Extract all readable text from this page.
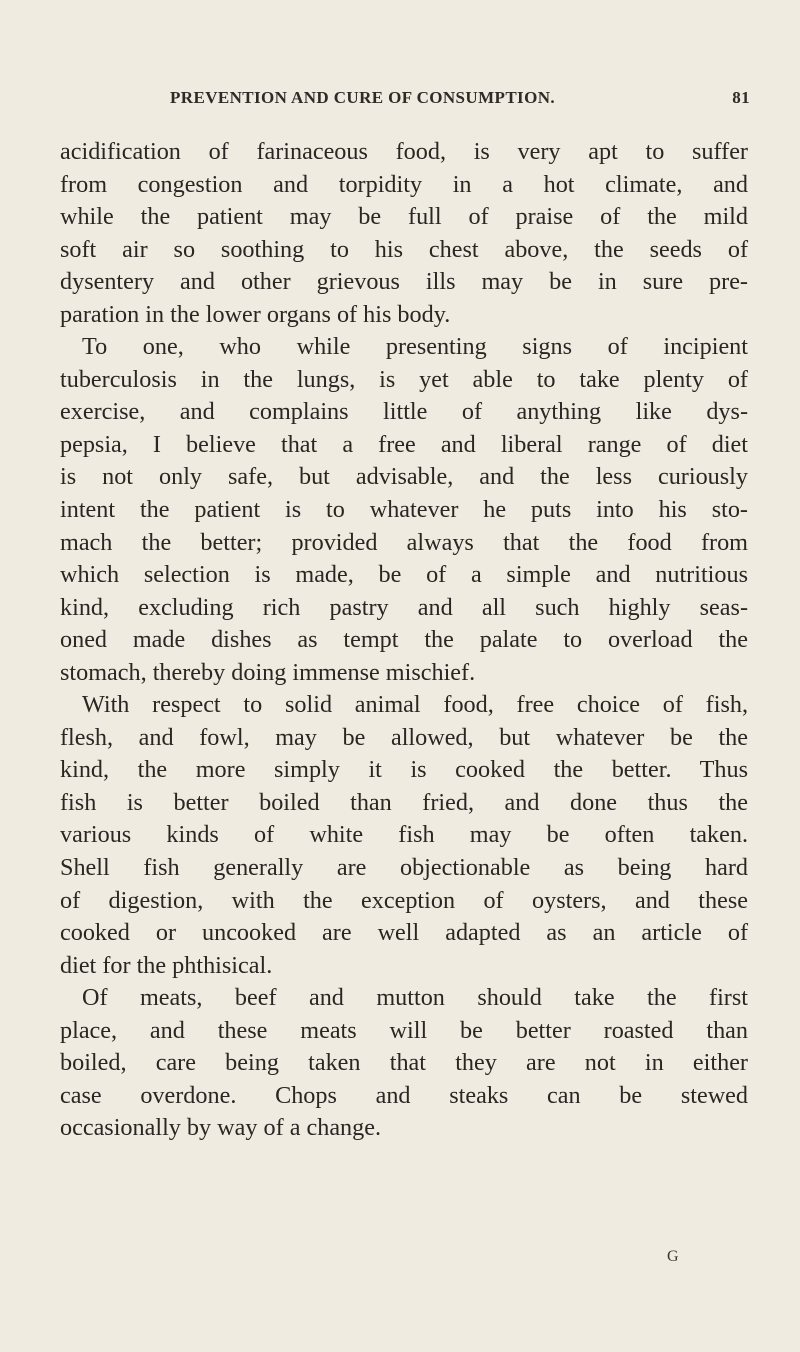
PREVENTION AND CURE OF CONSUMPTION.	81
acidification of farinaceous food, is very apt to suffer
from congestion and torpidity in a hot climate, and
while the patient may be full of praise of the mild
soft air so soothing to his chest above, the seeds of
dysentery and other grievous ills may be in sure pre-
paration in the lower organs of his body.
To one, who while presenting signs of incipient
tuberculosis in the lungs, is yet able to take plenty of
exercise, and complains little of anything like dys-
pepsia, I believe that a free and liberal range of diet
is not only safe, but advisable, and the less curiously
intent the patient is to whatever he puts into his sto-
mach the better; provided always that the food from
which selection is made, be of a simple and nutritious
kind, excluding rich pastry and all such highly seas-
oned made dishes as tempt the palate to overload the
stomach, thereby doing immense mischief.
With respect to solid animal food, free choice of fish,
flesh, and fowl, may be allowed, but whatever be the
kind, the more simply it is cooked the better. Thus
fish is better boiled than fried, and done thus the
various kinds of white fish may be often taken.
Shell fish generally are objectionable as being hard
of digestion, with the exception of oysters, and these
cooked or uncooked are well adapted as an article of
diet for the phthisical.
Of meats, beef and mutton should take the first
place, and these meats will be better roasted than
boiled, care being taken that they are not in either
case overdone. Chops and steaks can be stewed
occasionally by way of a change.
G
